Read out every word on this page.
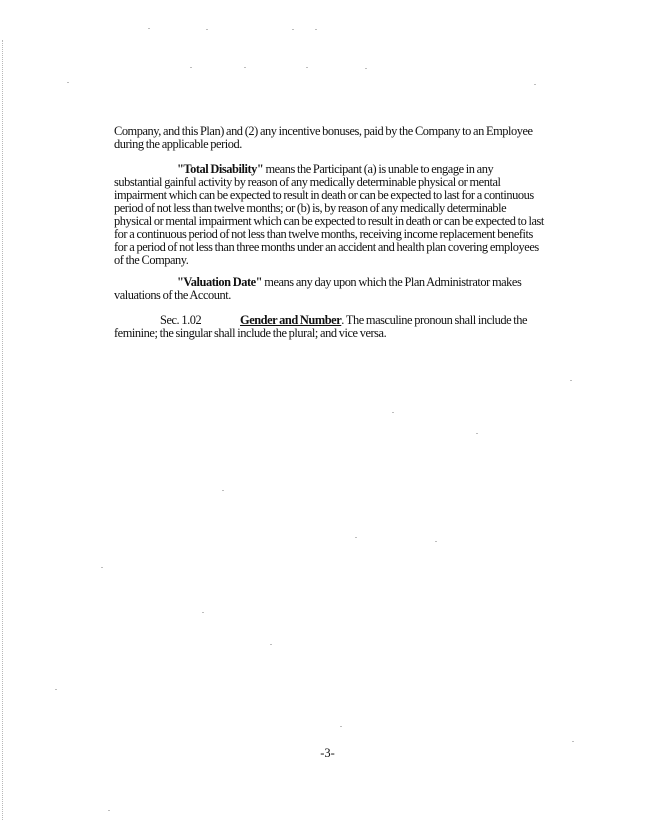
Company, and this Plan) and (2) any incentive bonuses, paid by the Company to an Employee
during the applicable period.
"Total Disability" means the Participant (a) is unable to engage in any
substantial gainful activity by reason of any medically determinable physical or mental
impairment which can be expected to result in death or can be expected to last for a continuous
period of not less than twelve months; or (b) is, by reason of any medically determinable
physical or mental impairment which can be expected to result in death or can be expected to last
for a continuous period of not less than twelve months, receiving income replacement benefits
for a period of not less than three months under an accident and health plan covering employees
of the Company.
"Valuation Date" means any day upon which the Plan Administrator makes
valuations of the Account.
Sec. 1.02	Gender and Number. The masculine pronoun shall include the
feminine; the singular shall include the plural; and vice versa.
-3-
